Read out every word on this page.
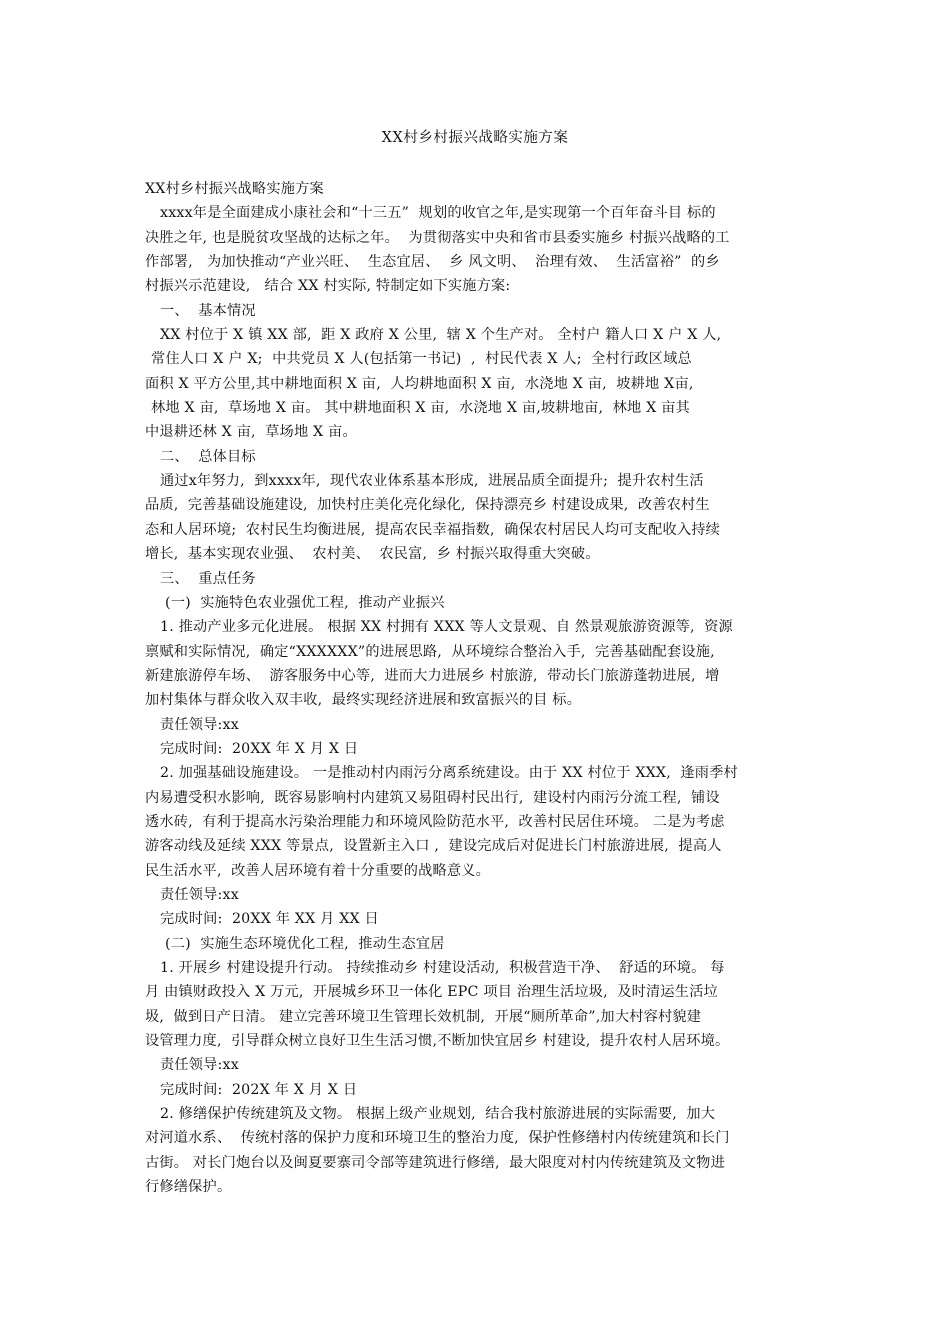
XX村乡村振兴战略实施方案
XX村乡村振兴战略实施方案
xxxx年是全面建成小康社会和“十三五”  规划的收官之年,是实现第一个百年奋斗目 标的
决胜之年, 也是脱贫攻坚战的达标之年。  为贯彻落实中央和省市县委实施乡 村振兴战略的工
作部署,   为加快推动“产业兴旺、  生态宜居、  乡 风文明、  治理有效、  生活富裕”  的乡
村振兴示范建设,   结合 XX 村实际, 特制定如下实施方案:
一、  基本情况
XX 村位于 X 镇 XX 部,  距 X 政府 X 公里,  辖 X 个生产对。 全村户 籍人口 X 户 X 人,
常住人口 X 户 X;  中共党员 X 人(包括第一书记)  ,  村民代表 X 人;  全村行政区域总
面积 X 平方公里,其中耕地面积 X 亩,  人均耕地面积 X 亩,  水浇地 X 亩,  坡耕地 X亩,
林地 X 亩,  草场地 X 亩。 其中耕地面积 X 亩,  水浇地 X 亩,坡耕地亩,  林地 X 亩其
中退耕还林 X 亩,  草场地 X 亩。
二、  总体目标
通过x年努力,  到xxxx年,  现代农业体系基本形成,  进展品质全面提升;  提升农村生活
品质,  完善基础设施建设,  加快村庄美化亮化绿化,  保持漂亮乡 村建设成果,  改善农村生
态和人居环境;  农村民生均衡进展,  提高农民幸福指数,  确保农村居民人均可支配收入持续
增长,  基本实现农业强、  农村美、  农民富,  乡 村振兴取得重大突破。
三、  重点任务
(一)  实施特色农业强优工程,  推动产业振兴
1. 推动产业多元化进展。 根据 XX 村拥有 XXX 等人文景观、自 然景观旅游资源等,  资源
禀赋和实际情况,  确定“XXXXXX”的进展思路,  从环境综合整治入手,  完善基础配套设施,
新建旅游停车场、  游客服务中心等,  进而大力进展乡 村旅游,  带动长门旅游蓬勃进展,  增
加村集体与群众收入双丰收,  最终实现经济进展和致富振兴的目 标。
责任领导:xx
完成时间:  20XX 年 X 月 X 日
2. 加强基础设施建设。 一是推动村内雨污分离系统建设。由于 XX 村位于 XXX,  逢雨季村
内易遭受积水影响,  既容易影响村内建筑又易阻碍村民出行,  建设村内雨污分流工程,  铺设
透水砖,  有利于提高水污染治理能力和环境风险防范水平,  改善村民居住环境。 二是为考虑
游客动线及延续 XXX 等景点,  设置新主入口 ,  建设完成后对促进长门村旅游进展,  提高人
民生活水平,  改善人居环境有着十分重要的战略意义。
责任领导:xx
完成时间:  20XX 年 XX 月 XX 日
(二)  实施生态环境优化工程,  推动生态宜居
1. 开展乡 村建设提升行动。 持续推动乡 村建设活动,  积极营造干净、  舒适的环境。 每
月 由镇财政投入 X 万元,  开展城乡环卫一体化 EPC 项目 治理生活垃圾,  及时清运生活垃
圾,  做到日产日清。 建立完善环境卫生管理长效机制,  开展“厕所革命”,加大村容村貌建
设管理力度,  引导群众树立良好卫生生活习惯,不断加快宜居乡 村建设,  提升农村人居环境。
责任领导:xx
完成时间:  202X 年 X 月 X 日
2. 修缮保护传统建筑及文物。 根据上级产业规划,  结合我村旅游进展的实际需要,  加大
对河道水系、  传统村落的保护力度和环境卫生的整治力度,  保护性修缮村内传统建筑和长门
古街。 对长门炮台以及闽夏要寨司令部等建筑进行修缮,  最大限度对村内传统建筑及文物进
行修缮保护。
